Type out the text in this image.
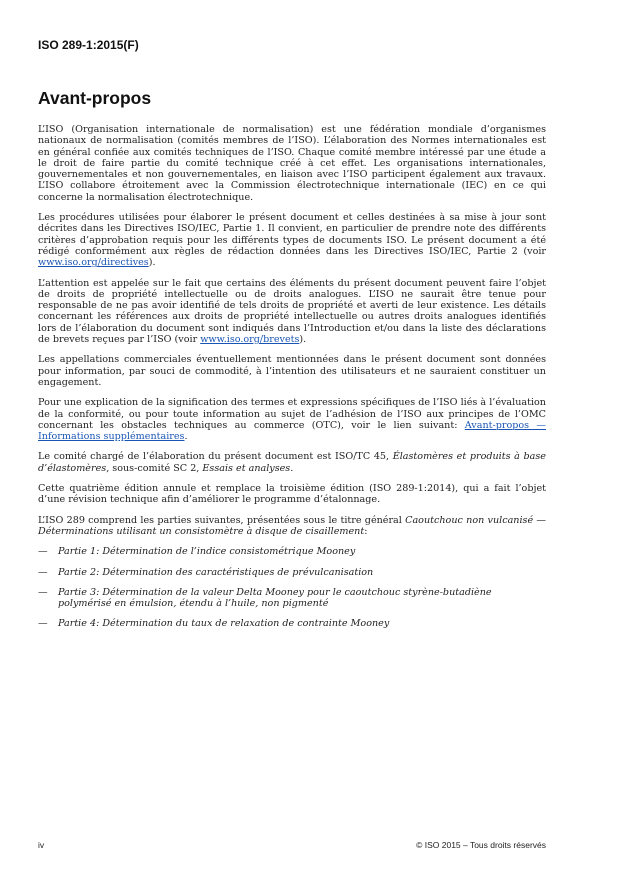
ISO 289-1:2015(F)
Avant-propos

L’ISO (Organisation internationale de normalisation) est une fédération mondiale d’organismes nationaux de normalisation (comités membres de l’ISO). L’élaboration des Normes internationales est en général confiée aux comités techniques de l’ISO. Chaque comité membre intéressé par une étude a le droit de faire partie du comité technique créé à cet effet. Les organisations internationales, gouvernementales et non gouvernementales, en liaison avec l’ISO participent également aux travaux. L’ISO collabore étroitement avec la Commission électrotechnique internationale (IEC) en ce qui concerne la normalisation électrotechnique.

Les procédures utilisées pour élaborer le présent document et celles destinées à sa mise à jour sont décrites dans les Directives ISO/IEC, Partie 1. Il convient, en particulier de prendre note des différents critères d’approbation requis pour les différents types de documents ISO. Le présent document a été rédigé conformément aux règles de rédaction données dans les Directives ISO/IEC, Partie 2 (voir www.iso.org/directives).

L’attention est appelée sur le fait que certains des éléments du présent document peuvent faire l’objet de droits de propriété intellectuelle ou de droits analogues. L’ISO ne saurait être tenue pour responsable de ne pas avoir identifié de tels droits de propriété et averti de leur existence. Les détails concernant les références aux droits de propriété intellectuelle ou autres droits analogues identifiés lors de l’élaboration du document sont indiqués dans l’Introduction et/ou dans la liste des déclarations de brevets reçues par l’ISO (voir www.iso.org/brevets).

Les appellations commerciales éventuellement mentionnées dans le présent document sont données pour information, par souci de commodité, à l’intention des utilisateurs et ne sauraient constituer un engagement.

Pour une explication de la signification des termes et expressions spécifiques de l’ISO liés à l’évaluation de la conformité, ou pour toute information au sujet de l’adhésion de l’ISO aux principes de l’OMC concernant les obstacles techniques au commerce (OTC), voir le lien suivant: Avant-propos — Informations supplémentaires.

Le comité chargé de l’élaboration du présent document est ISO/TC 45, Élastomères et produits à base d’élastomères, sous-comité SC 2, Essais et analyses.

Cette quatrième édition annule et remplace la troisième édition (ISO 289-1:2014), qui a fait l’objet d’une révision technique afin d’améliorer le programme d’étalonnage.

L’ISO 289 comprend les parties suivantes, présentées sous le titre général Caoutchouc non vulcanisé — Déterminations utilisant un consistomètre à disque de cisaillement:

—	Partie 1: Détermination de l’indice consistométrique Mooney
—	Partie 2: Détermination des caractéristiques de prévulcanisation
—	Partie 3: Détermination de la valeur Delta Mooney pour le caoutchouc styrène-butadiène polymérisé en émulsion, étendu à l’huile, non pigmenté
—	Partie 4: Détermination du taux de relaxation de contrainte Mooney
iv	© ISO 2015 – Tous droits réservés
